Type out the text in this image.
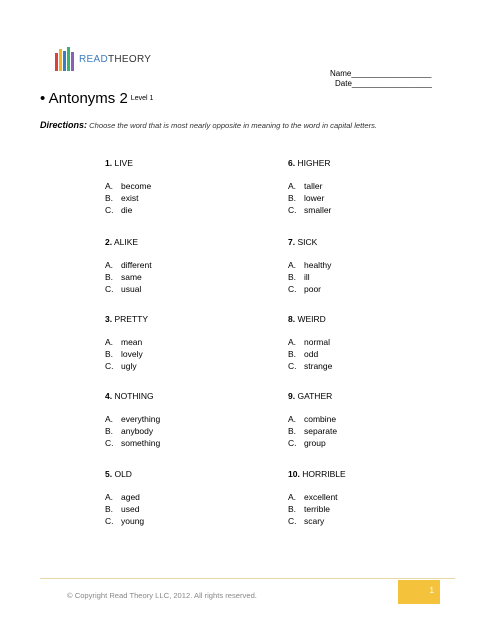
READTHEORY
Name__________________
Date__________________
• Antonyms 2 Level 1
Directions: Choose the word that is most nearly opposite in meaning to the word in capital letters.
1. LIVE
A. become
B. exist
C. die
2. ALIKE
A. different
B. same
C. usual
3. PRETTY
A. mean
B. lovely
C. ugly
4. NOTHING
A. everything
B. anybody
C. something
5. OLD
A. aged
B. used
C. young
6. HIGHER
A. taller
B. lower
C. smaller
7. SICK
A. healthy
B. ill
C. poor
8. WEIRD
A. normal
B. odd
C. strange
9. GATHER
A. combine
B. separate
C. group
10. HORRIBLE
A. excellent
B. terrible
C. scary
© Copyright Read Theory LLC, 2012. All rights reserved.
1
